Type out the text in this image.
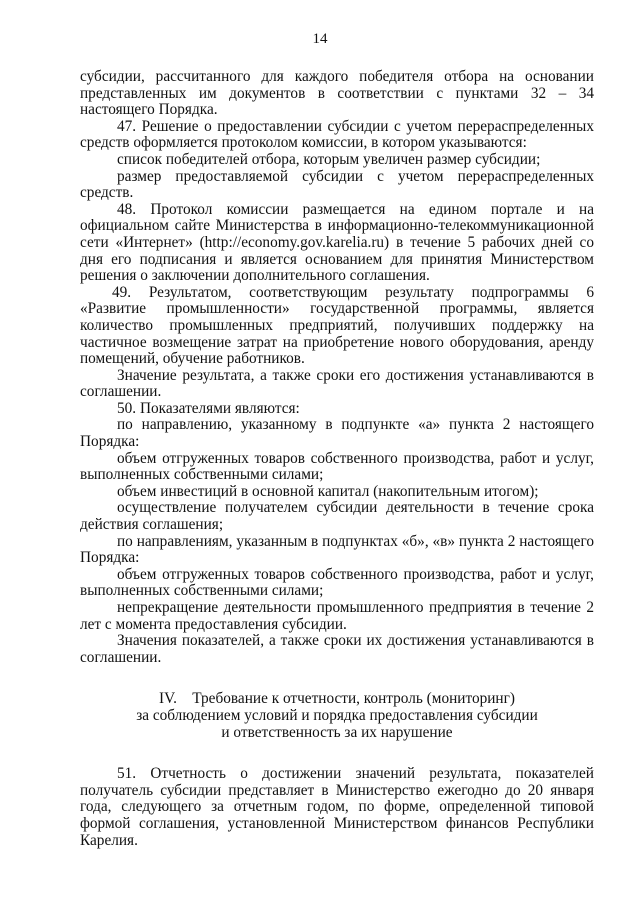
14

субсидии, рассчитанного для каждого победителя отбора на основании представленных им документов в соответствии с пунктами 32 – 34 настоящего Порядка.

47. Решение о предоставлении субсидии с учетом перераспределенных средств оформляется протоколом комиссии, в котором указываются:

список победителей отбора, которым увеличен размер субсидии;

размер предоставляемой субсидии с учетом перераспределенных средств.

48. Протокол комиссии размещается на едином портале и на официальном сайте Министерства в информационно-телекоммуникационной сети «Интернет» (http://economy.gov.karelia.ru) в течение 5 рабочих дней со дня его подписания и является основанием для принятия Министерством решения о заключении дополнительного соглашения.

49. Результатом, соответствующим результату подпрограммы 6 «Развитие промышленности» государственной программы, является количество промышленных предприятий, получивших поддержку на частичное возмещение затрат на приобретение нового оборудования, аренду помещений, обучение работников.

Значение результата, а также сроки его достижения устанавливаются в соглашении.

50. Показателями являются:

по направлению, указанному в подпункте «а» пункта 2 настоящего Порядка:

объем отгруженных товаров собственного производства, работ и услуг, выполненных собственными силами;

объем инвестиций в основной капитал (накопительным итогом);

осуществление получателем субсидии деятельности в течение срока действия соглашения;

по направлениям, указанным в подпунктах «б», «в» пункта 2 настоящего Порядка:

объем отгруженных товаров собственного производства, работ и услуг, выполненных собственными силами;

непрекращение деятельности промышленного предприятия в течение 2 лет с момента предоставления субсидии.

Значения показателей, а также сроки их достижения устанавливаются в соглашении.

IV.    Требование к отчетности, контроль (мониторинг)
за соблюдением условий и порядка предоставления субсидии
и ответственность за их нарушение

51. Отчетность о достижении значений результата, показателей получатель субсидии представляет в Министерство ежегодно до 20 января года, следующего за отчетным годом, по форме, определенной типовой формой соглашения, установленной Министерством финансов Республики Карелия.
